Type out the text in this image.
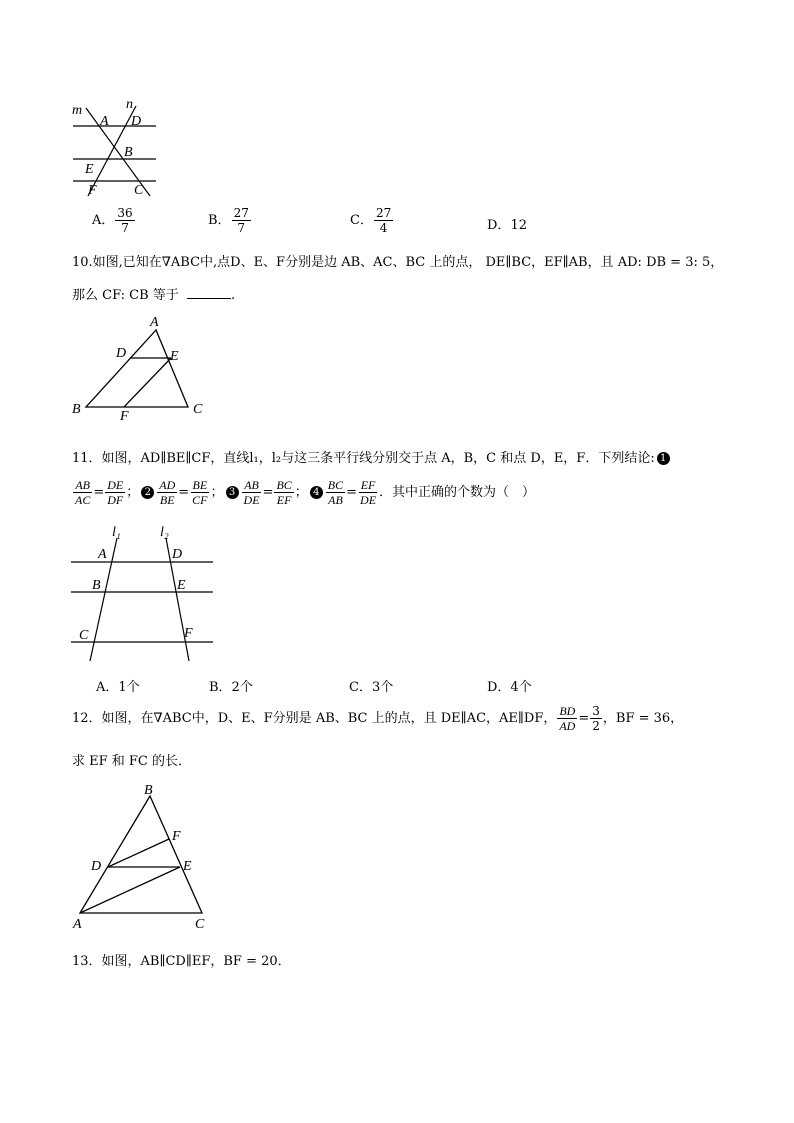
m	n
A D
B
E
F	C
A． $\frac{36}{7}$	B． $\frac{27}{7}$	C． $\frac{27}{4}$	D．12
10.如图,已知在∇ABC中,点D、E、F分别是边 AB、AC、BC 上的点， DE∥BC，EF∥AB，且 AD: DB = 3: 5，
那么 CF: CB 等于	.
A
D	E
B	F	C
11．如图，AD∥BE∥CF，直线l₁，l₂与这三条平行线分别交于点 A，B，C 和点 D，E，F．下列结论: 1
$\frac{AB}{AC} = \frac{DE}{DF}$ ； $2 \frac{AD}{BE} = \frac{BE}{CF}$ ； $3 \frac{AB}{DE} = \frac{BC}{EF}$ ； $4 \frac{BC}{AB} = \frac{EF}{DE}$ ．其中正确的个数为（　）
l₁	l₂
A	D
B	E
C	F
A．1个	B．2个	C．3个	D．4个
12．如图，在∇ABC中，D、E、F分别是 AB、BC 上的点，且 DE∥AC，AE∥DF， $\frac{BD}{AD} = \frac{3}{2}$ ，BF = 36，
求 EF 和 FC 的长．
B
F
D	E
A	C
13．如图，AB∥CD∥EF，BF = 20．
